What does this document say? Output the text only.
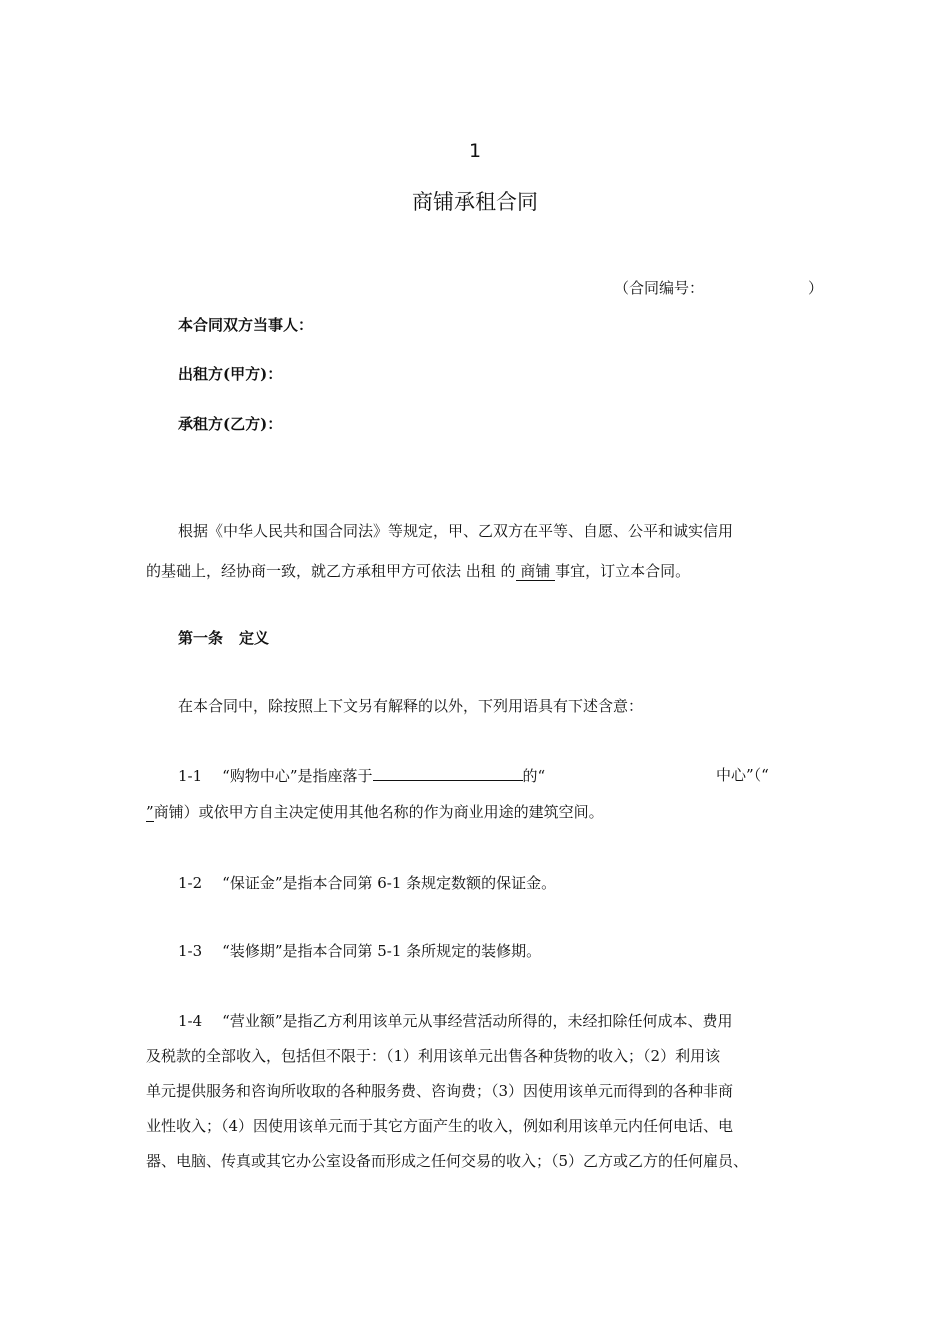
1
商铺承租合同
（合同编号：	）
本合同双方当事人：
出租方(甲方)：
承租方(乙方)：
根据《中华人民共和国合同法》等规定，甲、乙双方在平等、自愿、公平和诚实信用
的基础上，经协商一致，就乙方承租甲方可依法 出租 的 商铺 事宜，订立本合同。
第一条 定义
在本合同中，除按照上下文另有解释的以外，下列用语具有下述含意：
1-1 “购物中心”是指座落于	的“	中心”（“
”商铺）或依甲方自主决定使用其他名称的作为商业用途的建筑空间。
1-2 “保证金”是指本合同第 6-1 条规定数额的保证金。
1-3 “装修期”是指本合同第 5-1 条所规定的装修期。
1-4 “营业额”是指乙方利用该单元从事经营活动所得的，未经扣除任何成本、费用
及税款的全部收入，包括但不限于：（1）利用该单元出售各种货物的收入；（2）利用该
单元提供服务和咨询所收取的各种服务费、咨询费；（3）因使用该单元而得到的各种非商
业性收入；（4）因使用该单元而于其它方面产生的收入，例如利用该单元内任何电话、电
器、电脑、传真或其它办公室设备而形成之任何交易的收入；（5）乙方或乙方的任何雇员、
